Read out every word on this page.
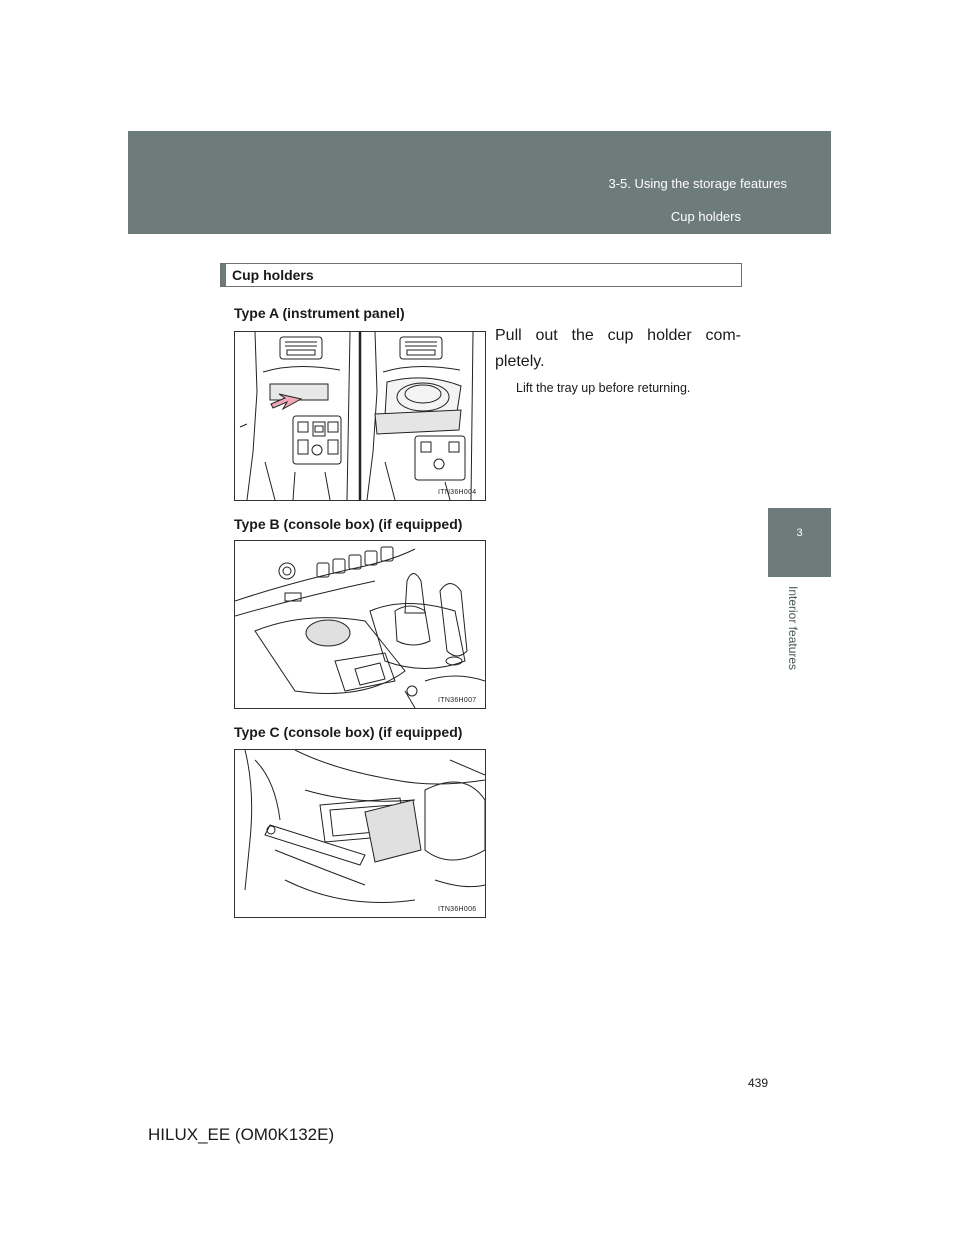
3-5. Using the storage features
Cup holders
3
Interior features
Cup holders
Type A (instrument panel)
ITN36H004
Pull out the cup holder com-pletely.
Lift the tray up before returning.
Type B (console box) (if equipped)
ITN36H007
Type C (console box) (if equipped)
ITN36H006
439
HILUX_EE (OM0K132E)
